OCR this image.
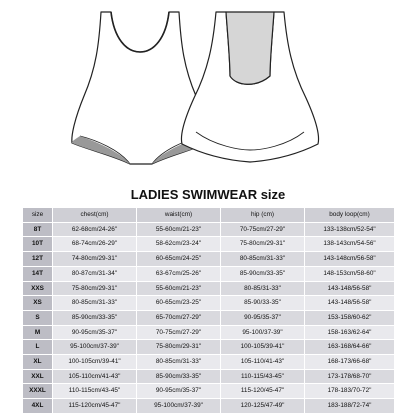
LADIES SWIMWEAR size
size	chest(cm)	waist(cm)	hip (cm)	body loop(cm)
8T	62-68cm/24-26"	55-60cm/21-23"	70-75cm/27-29"	133-138cm/52-54"
10T	68-74cm/26-29"	58-62cm/23-24"	75-80cm/29-31"	138-143cm/54-56"
12T	74-80cm/29-31"	60-65cm/24-25"	80-85cm/31-33"	143-148cm/56-58"
14T	80-87cm/31-34"	63-67cm/25-26"	85-90cm/33-35"	148-153cm/58-60"
XXS	75-80cm/29-31"	55-60cm/21-23"	80-85/31-33"	143-148/56-58"
XS	80-85cm/31-33"	60-65cm/23-25"	85-90/33-35"	143-148/56-58"
S	85-90cm/33-35"	65-70cm/27-29"	90-95/35-37"	153-158/60-62"
M	90-95cm/35-37"	70-75cm/27-29"	95-100/37-39"	158-163/62-64"
L	95-100cm/37-39"	75-80cm/29-31"	100-105/39-41"	163-168/64-66"
XL	100-105cm/39-41"	80-85cm/31-33"	105-110/41-43"	168-173/66-68"
XXL	105-110cm/41-43"	85-90cm/33-35"	110-115/43-45"	173-178/68-70"
XXXL	110-115cm/43-45"	90-95cm/35-37"	115-120/45-47"	178-183/70-72"
4XL	115-120cm/45-47"	95-100cm/37-39"	120-125/47-49"	183-188/72-74"
